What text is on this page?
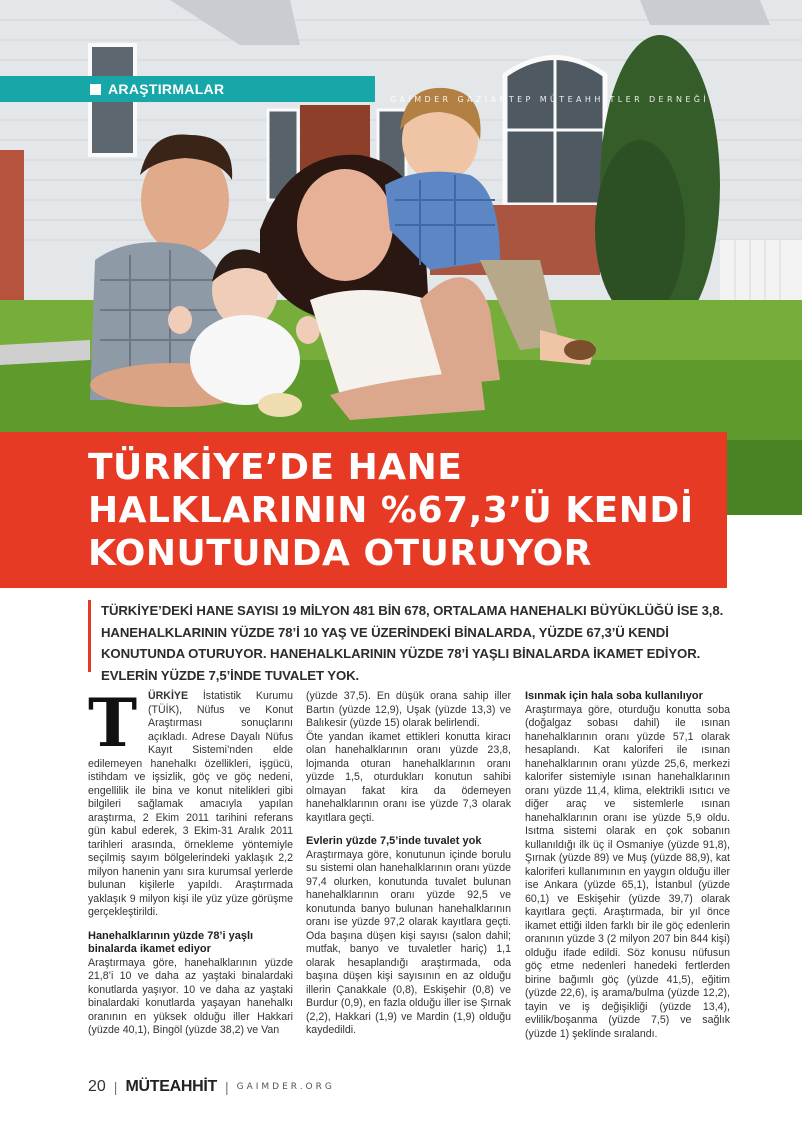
ARAŞTIRMALAR
GAİMDER GAZİANTEP MÜTEAHHİTLER DERNEĞİ
TÜRKİYE’DE HANE HALKLARININ %67,3’Ü KENDİ KONUTUNDA OTURUYOR

TÜRKİYE’DEKİ HANE SAYISI 19 MİLYON 481 BİN 678, ORTALAMA HANEHALKI BÜYÜKLÜĞÜ İSE 3,8. HANEHALKLARININ YÜZDE 78’İ 10 YAŞ VE ÜZERİNDEKİ BİNALARDA, YÜZDE 67,3’Ü KENDİ KONUTUNDA OTURUYOR. HANEHALKLARININ YÜZDE 78’İ YAŞLI BİNALARDA İKAMET EDİYOR. EVLERİN YÜZDE 7,5’İNDE TUVALET YOK.

T	ÜRKİYE İstatistik Kurumu (TÜİK), Nüfus ve Konut Araştırması sonuçlarını açıkladı. Adrese Dayalı Nüfus Kayıt Sistemi’nden elde edilemeyen hanehalkı özellikleri, işgücü, istihdam ve işsizlik, göç ve göç nedeni, engellilik ile bina ve konut nitelikleri gibi bilgileri sağlamak amacıyla yapılan araştırma, 2 Ekim 2011 tarihini referans gün kabul ederek, 3 Ekim-31 Aralık 2011 tarihleri arasında, örnekleme yöntemiyle seçilmiş sayım bölgelerindeki yaklaşık 2,2 milyon hanenin yanı sıra kurumsal yerlerde bulunan kişilerle yapıldı. Araştırmada yaklaşık 9 milyon kişi ile yüz yüze görüşme gerçekleştirildi.

Hanehalklarının yüzde 78’i yaşlı binalarda ikamet ediyor

Araştırmaya göre, hanehalklarının yüzde 21,8’i 10 ve daha az yaştaki binalardaki konutlarda yaşıyor. 10 ve daha az yaştaki binalardaki konutlarda yaşayan hanehalkı oranının en yüksek olduğu iller Hakkari (yüzde 40,1), Bingöl (yüzde 38,2) ve Van

(yüzde 37,5). En düşük orana sahip iller Bartın (yüzde 12,9), Uşak (yüzde 13,3) ve Balıkesir (yüzde 15) olarak belirlendi.

Öte yandan ikamet ettikleri konutta kiracı olan hanehalklarının oranı yüzde 23,8, lojmanda oturan hanehalklarının oranı yüzde 1,5, oturdukları konutun sahibi olmayan fakat kira da ödemeyen hanehalklarının oranı ise yüzde 7,3 olarak kayıtlara geçti.

Evlerin yüzde 7,5’inde tuvalet yok

Araştırmaya göre, konutunun içinde borulu su sistemi olan hanehalklarının oranı yüzde 97,4 olurken, konutunda tuvalet bulunan hanehalklarının oranı yüzde 92,5 ve konutunda banyo bulunan hanehalklarının oranı ise yüzde 97,2 olarak kayıtlara geçti. Oda başına düşen kişi sayısı (salon dahil; mutfak, banyo ve tuvaletler hariç) 1,1 olarak hesaplandığı araştırmada, oda başına düşen kişi sayısının en az olduğu illerin Çanakkale (0,8), Eskişehir (0,8) ve Burdur (0,9), en fazla olduğu iller ise Şırnak (2,2), Hakkari (1,9) ve Mardin (1,9) olduğu kaydedildi.

Isınmak için hala soba kullanılıyor

Araştırmaya göre, oturduğu konutta soba (doğalgaz sobası dahil) ile ısınan hanehalklarının oranı yüzde 57,1 olarak hesaplandı. Kat kaloriferi ile ısınan hanehalklarının oranı yüzde 25,6, merkezi kalorifer sistemiyle ısınan hanehalklarının oranı yüzde 11,4, klima, elektrikli ısıtıcı ve diğer araç ve sistemlerle ısınan hanehalklarının oranı ise yüzde 5,9 oldu. Isıtma sistemi olarak en çok sobanın kullanıldığı ilk üç il Osmaniye (yüzde 91,8), Şırnak (yüzde 89) ve Muş (yüzde 88,9), kat kaloriferi kullanımının en yaygın olduğu iller ise Ankara (yüzde 65,1), İstanbul (yüzde 60,1) ve Eskişehir (yüzde 39,7) olarak kayıtlara geçti. Araştırmada, bir yıl önce ikamet ettiği ilden farklı bir ile göç edenlerin oranının yüzde 3 (2 milyon 207 bin 844 kişi) olduğu ifade edildi. Söz konusu nüfusun göç etme nedenleri hanedeki fertlerden birine bağımlı göç (yüzde 41,5), eğitim (yüzde 22,6), iş arama/bulma (yüzde 12,2), tayin ve iş değişikliği (yüzde 13,4), evlilik/boşanma (yüzde 7,5) ve sağlık (yüzde 1) şeklinde sıralandı.

20 | MÜTEAHHİT | GAIMDER.ORG
